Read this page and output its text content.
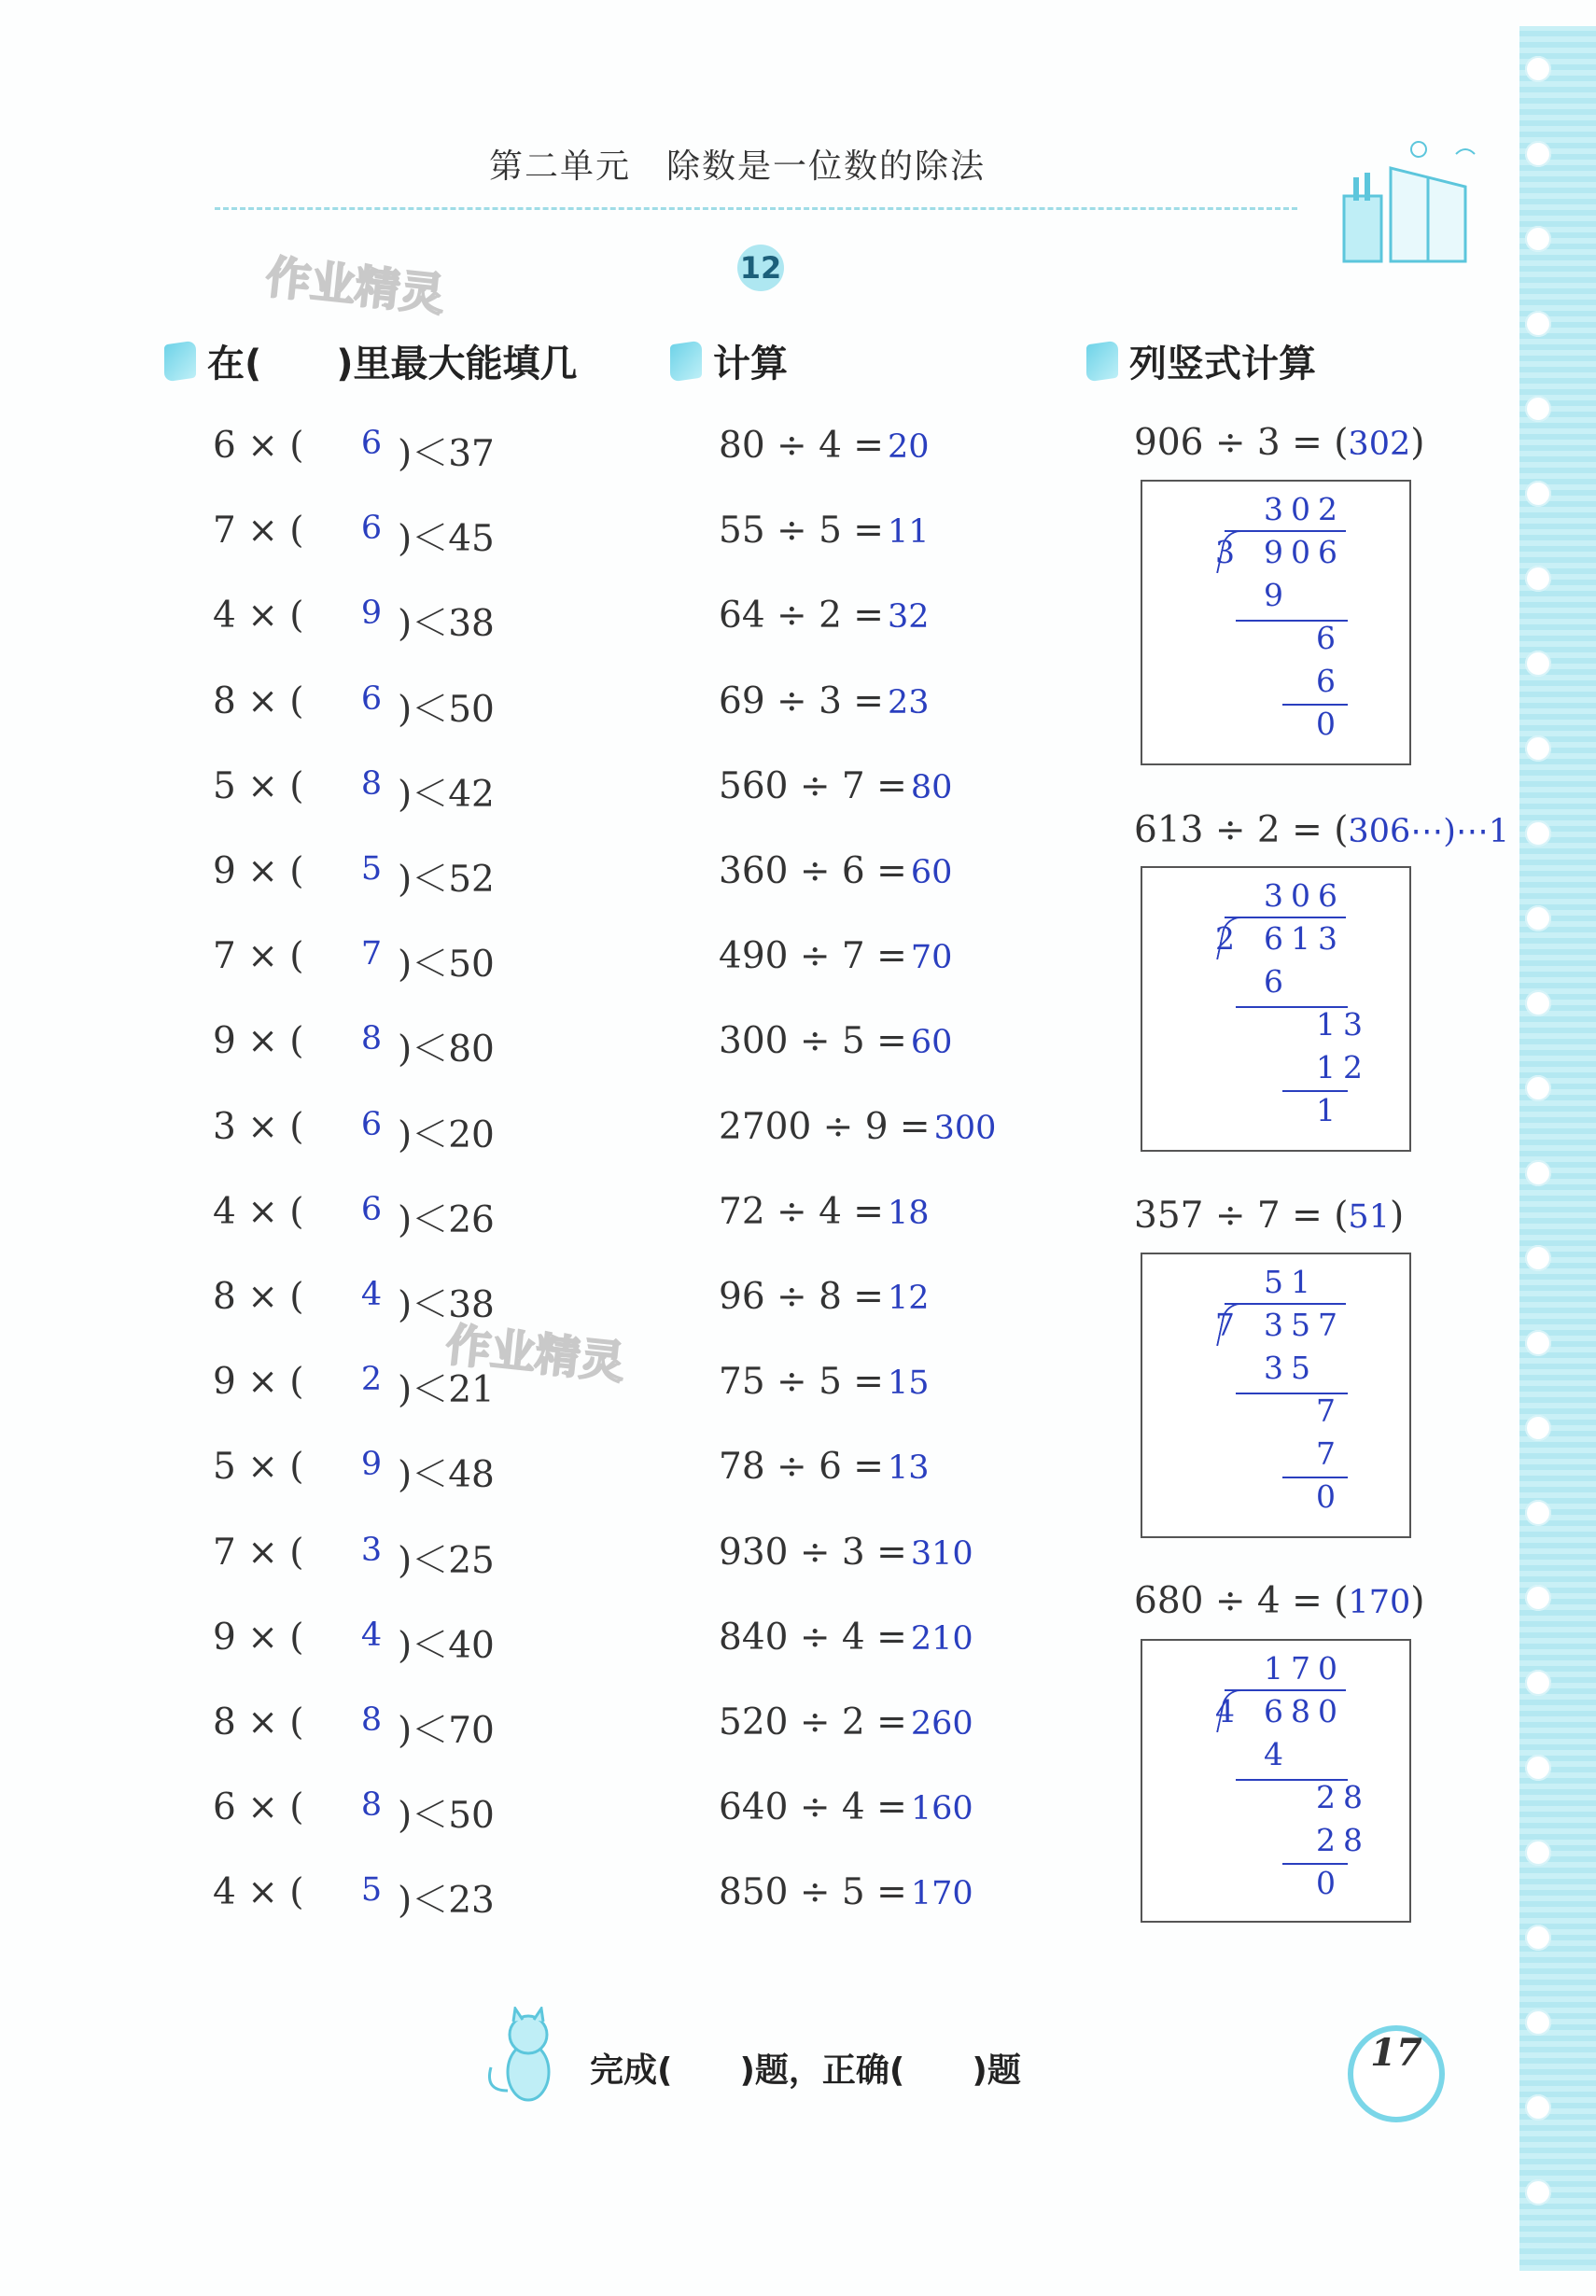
第二单元　除数是一位数的除法
12
作业精灵
作业精灵
在(　　)里最大能填几	计算	列竖式计算
6 × (	6 )＜37
7 × (	6 )＜45
4 × (	9 )＜38
8 × (	6 )＜50
5 × (	8 )＜42
9 × (	5 )＜52
7 × (	7 )＜50
9 × (	8 )＜80
3 × (	6 )＜20
4 × (	6 )＜26
8 × (	4 )＜38
9 × (	2 )＜21
5 × (	9 )＜48
7 × (	3 )＜25
9 × (	4 )＜40
8 × (	8 )＜70
6 × (	8 )＜50
4 × (	5 )＜23
80 ÷ 4 = 20
55 ÷ 5 = 11
64 ÷ 2 = 32
69 ÷ 3 = 23
560 ÷ 7 = 80
360 ÷ 6 = 60
490 ÷ 7 = 70
300 ÷ 5 = 60
2700 ÷ 9 = 300
72 ÷ 4 = 18
96 ÷ 8 = 12
75 ÷ 5 = 15
78 ÷ 6 = 13
930 ÷ 3 = 310
840 ÷ 4 = 210
520 ÷ 2 = 260
640 ÷ 4 = 160
850 ÷ 5 = 170
906 ÷ 3 = (302)
302
3 906
9
6
6
0
613 ÷ 2 = (306⋯)⋯1
306
2 613
6
13
12
1
357 ÷ 7 = (51)
51
7 357
35
7
7
0
680 ÷ 4 = (170)
170
4 680
4
28
28
0
完成(　　)题，正确(　　)题	17
